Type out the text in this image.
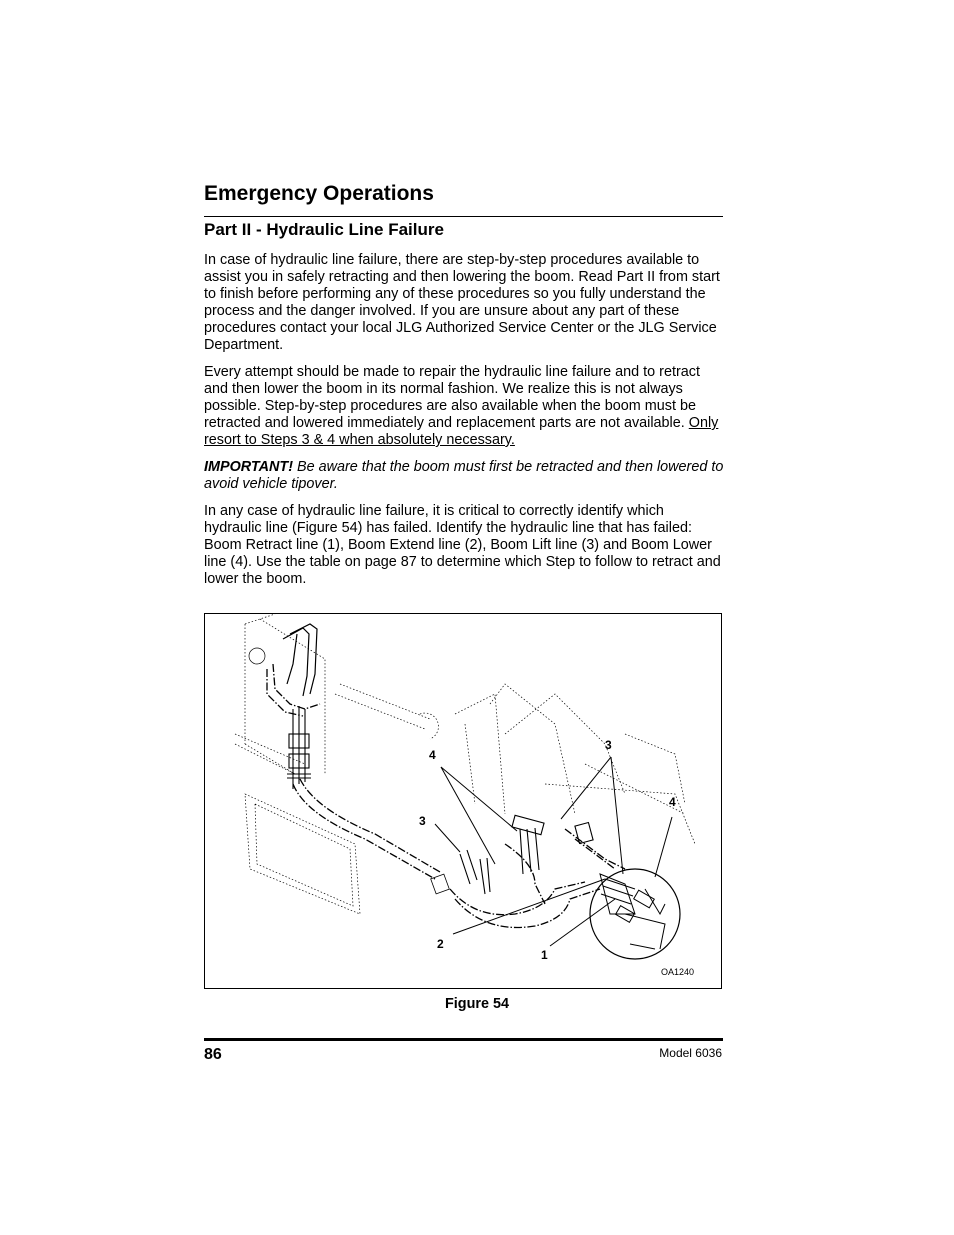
Emergency Operations
Part II - Hydraulic Line Failure

In case of hydraulic line failure, there are step-by-step procedures available to assist you in safely retracting and then lowering the boom. Read Part II from start to finish before performing any of these procedures so you fully understand the process and the danger involved. If you are unsure about any part of these procedures contact your local JLG Authorized Service Center or the JLG Service Department.

Every attempt should be made to repair the hydraulic line failure and to retract and then lower the boom in its normal fashion. We realize this is not always possible. Step-by-step procedures are also available when the boom must be retracted and lowered immediately and replacement parts are not available. Only resort to Steps 3 & 4 when absolutely necessary.

IMPORTANT! Be aware that the boom must first be retracted and then lowered to avoid vehicle tipover.

In any case of hydraulic line failure, it is critical to correctly identify which hydraulic line (Figure 54) has failed. Identify the hydraulic line that has failed: Boom Retract line (1), Boom Extend line (2), Boom Lift line (3) and Boom Lower line (4). Use the table on page 87 to determine which Step to follow to retract and lower the boom.

4
3
3
4
2
1
OA1240
Figure 54
86	Model 6036
